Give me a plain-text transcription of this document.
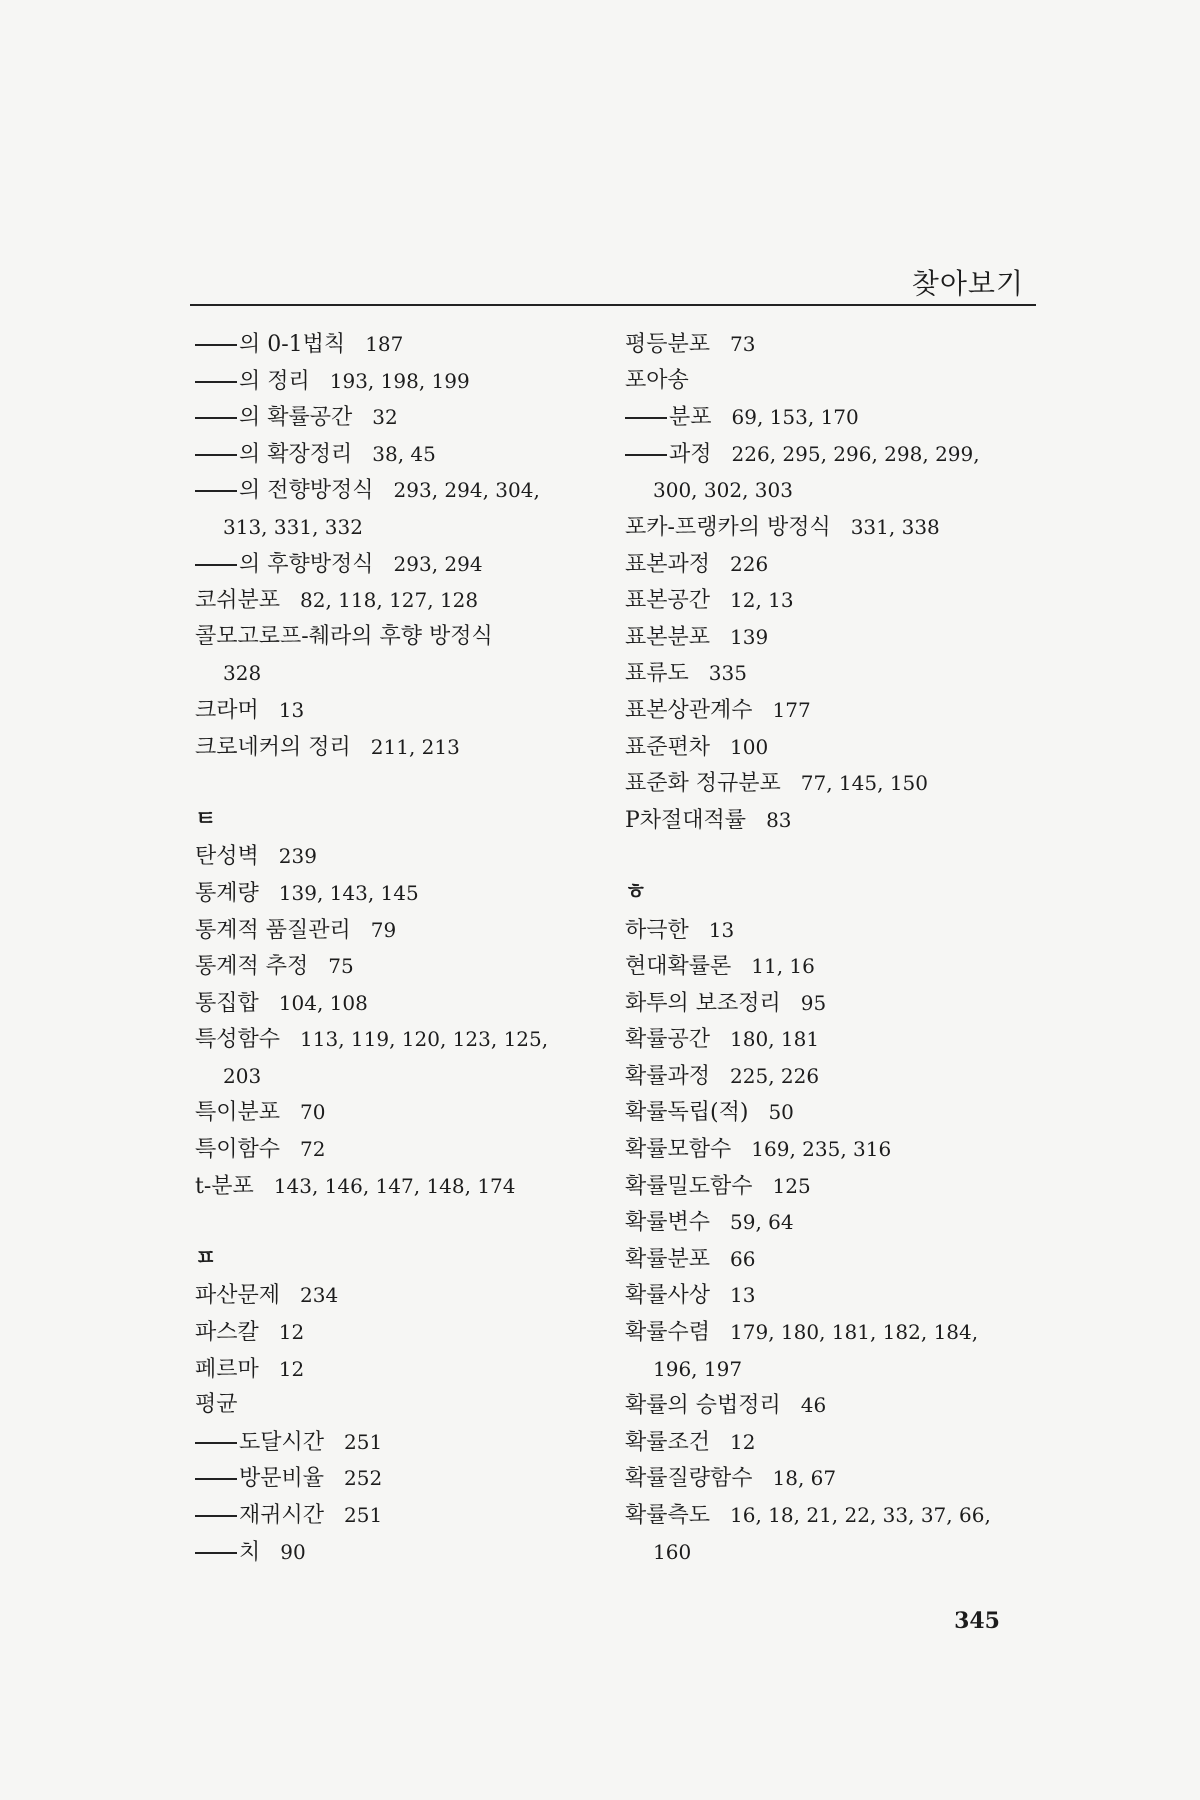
찾아보기
의 0-1법칙 187
의 정리 193, 198, 199
의 확률공간 32
의 확장정리 38, 45
의 전향방정식 293, 294, 304,
313, 331, 332
의 후향방정식 293, 294
코쉬분포 82, 118, 127, 128
콜모고로프-췌라의 후향 방정식
328
크라머 13
크로네커의 정리 211, 213
ㅌ
탄성벽 239
통계량 139, 143, 145
통계적 품질관리 79
통계적 추정 75
통집합 104, 108
특성함수 113, 119, 120, 123, 125,
203
특이분포 70
특이함수 72
t-분포 143, 146, 147, 148, 174
ㅍ
파산문제 234
파스칼 12
페르마 12
평균
도달시간 251
방문비율 252
재귀시간 251
치 90
평등분포 73
포아송
분포 69, 153, 170
과정 226, 295, 296, 298, 299,
300, 302, 303
포카-프랭카의 방정식 331, 338
표본과정 226
표본공간 12, 13
표본분포 139
표류도 335
표본상관계수 177
표준편차 100
표준화 정규분포 77, 145, 150
P차절대적률 83
ㅎ
하극한 13
현대확률론 11, 16
화투의 보조정리 95
확률공간 180, 181
확률과정 225, 226
확률독립(적) 50
확률모함수 169, 235, 316
확률밀도함수 125
확률변수 59, 64
확률분포 66
확률사상 13
확률수렴 179, 180, 181, 182, 184,
196, 197
확률의 승법정리 46
확률조건 12
확률질량함수 18, 67
확률측도 16, 18, 21, 22, 33, 37, 66,
160
345
